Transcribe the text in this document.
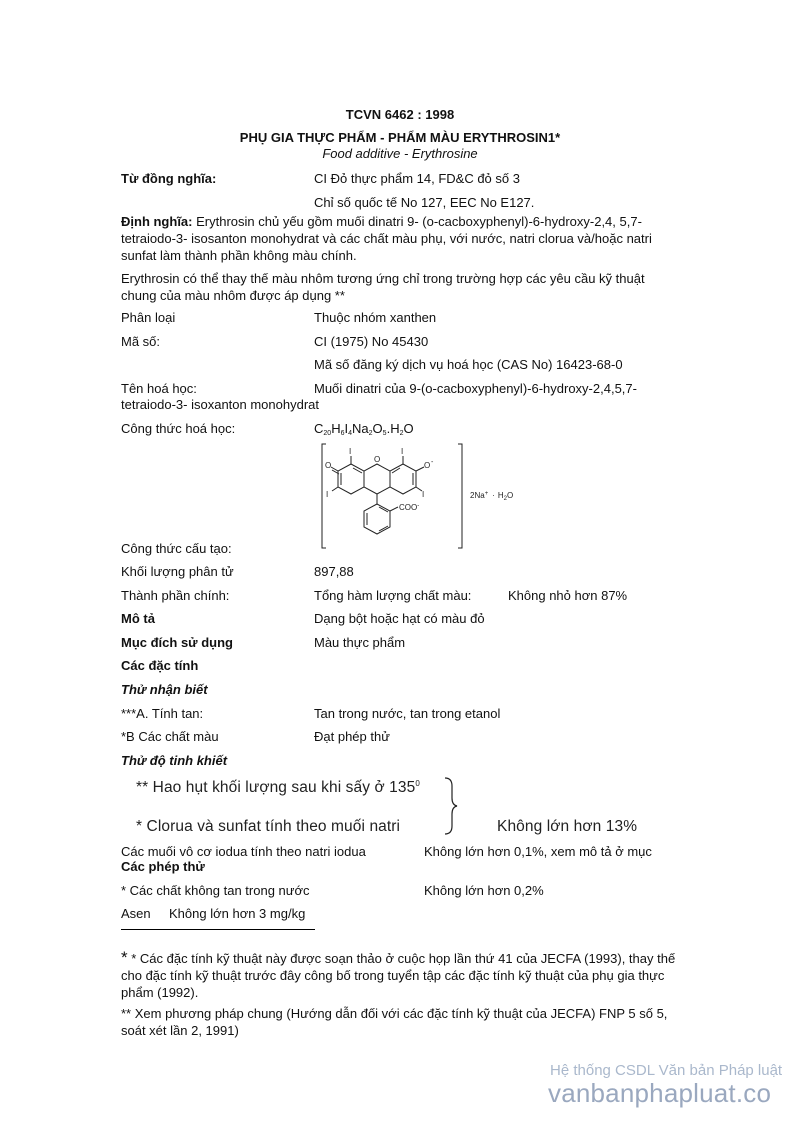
TCVN 6462 : 1998
PHỤ GIA THỰC PHẨM - PHẨM MÀU ERYTHROSIN1*
Food additive - Erythrosine
Từ đồng nghĩa:	CI Đỏ thực phẩm 14, FD&C đỏ số 3
Chỉ số quốc tế No 127, EEC No E127.
Định nghĩa: Erythrosin chủ yếu gồm muối dinatri 9- (o-cacboxyphenyl)-6-hydroxy-2,4, 5,7-tetraiodo-3- isosanton monohydrat và các chất màu phụ, với nước, natri clorua và/hoặc natri sunfat làm thành phần không màu chính.
Erythrosin có thể thay thế màu nhôm tương ứng chỉ trong trường hợp các yêu cầu kỹ thuật chung của màu nhôm được áp dụng **
Phân loại	Thuộc nhóm xanthen
Mã số:	CI (1975) No 45430
Mã số đăng ký dịch vụ hoá học (CAS No) 16423-68-0
Tên hoá học:	Muối dinatri của 9-(o-cacboxyphenyl)-6-hydroxy-2,4,5,7-
tetraiodo-3- isoxanton monohydrat
Công thức hoá học:	$C_{20}H_6I_4Na_2O_5.H_2O$
O
O
O -
I	I
I	I
COO-
$2Na^+ \cdot H_2O$
Công thức cấu tạo:
Khối lượng phân tử	897,88
Thành phần chính:	Tổng hàm lượng chất màu:	Không nhỏ hơn 87%
Mô tả	Dạng bột hoặc hạt có màu đỏ
Mục đích sử dụng	Màu thực phẩm
Các đặc tính
Thử nhận biết
***A. Tính tan:	Tan trong nước, tan trong etanol
*B Các chất màu	Đạt phép thử
Thử độ tinh khiết
** Hao hụt khối lượng sau khi sấy ở $135^0$
* Clorua và sunfat tính theo muối natri	Không lớn hơn 13%
Các muối vô cơ iodua tính theo natri iodua	Không lớn hơn 0,1%, xem mô tả ở mục
Các phép thử
* Các chất không tan trong nước	Không lớn hơn 0,2%
Asen Không lớn hơn 3 mg/kg
* * Các đặc tính kỹ thuật này được soạn thảo ở cuộc họp lần thứ 41 của JECFA (1993), thay thế cho đặc tính kỹ thuật trước đây công bố trong tuyển tập các đặc tính kỹ thuật của phụ gia thực phẩm (1992).
** Xem phương pháp chung (Hướng dẫn đối với các đặc tính kỹ thuật của JECFA) FNP 5 số 5, soát xét lần 2, 1991)
Hệ thống CSDL Văn bản Pháp luật
vanbanphapluat.co
